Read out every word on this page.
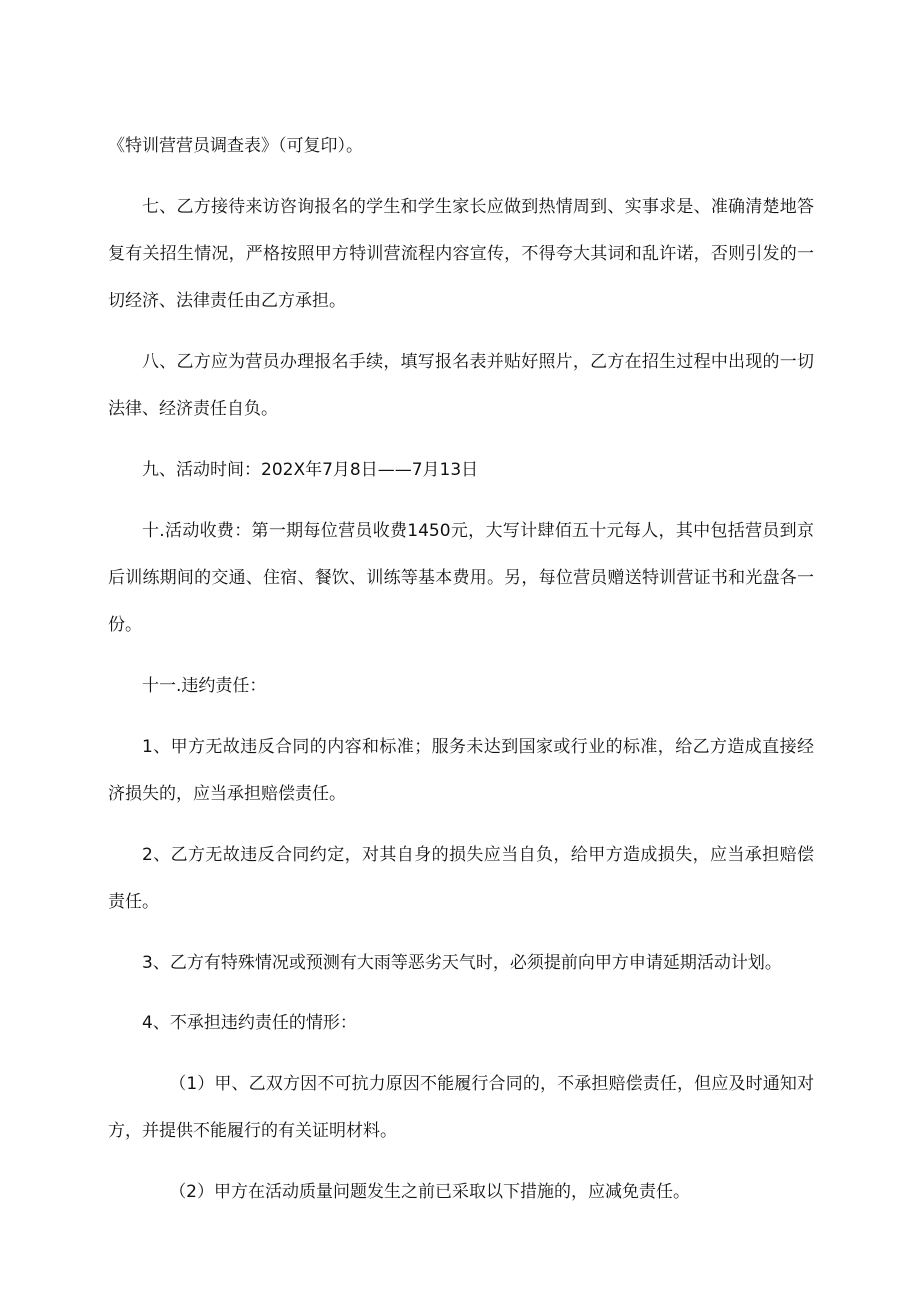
《特训营营员调查表》（可复印）。

七、乙方接待来访咨询报名的学生和学生家长应做到热情周到、实事求是、准确清楚地答复有关招生情况，严格按照甲方特训营流程内容宣传，不得夸大其词和乱许诺，否则引发的一切经济、法律责任由乙方承担。

八、乙方应为营员办理报名手续，填写报名表并贴好照片，乙方在招生过程中出现的一切法律、经济责任自负。

九、活动时间：202X年7月8日——7月13日

十.活动收费：第一期每位营员收费1450元，大写计肆佰五十元每人，其中包括营员到京后训练期间的交通、住宿、餐饮、训练等基本费用。另，每位营员赠送特训营证书和光盘各一份。

十一.违约责任：

1、甲方无故违反合同的内容和标准；服务未达到国家或行业的标准，给乙方造成直接经济损失的，应当承担赔偿责任。

2、乙方无故违反合同约定，对其自身的损失应当自负，给甲方造成损失，应当承担赔偿责任。

3、乙方有特殊情况或预测有大雨等恶劣天气时，必须提前向甲方申请延期活动计划。

4、不承担违约责任的情形：

（1）甲、乙双方因不可抗力原因不能履行合同的，不承担赔偿责任，但应及时通知对方，并提供不能履行的有关证明材料。

（2）甲方在活动质量问题发生之前已采取以下措施的，应减免责任。
